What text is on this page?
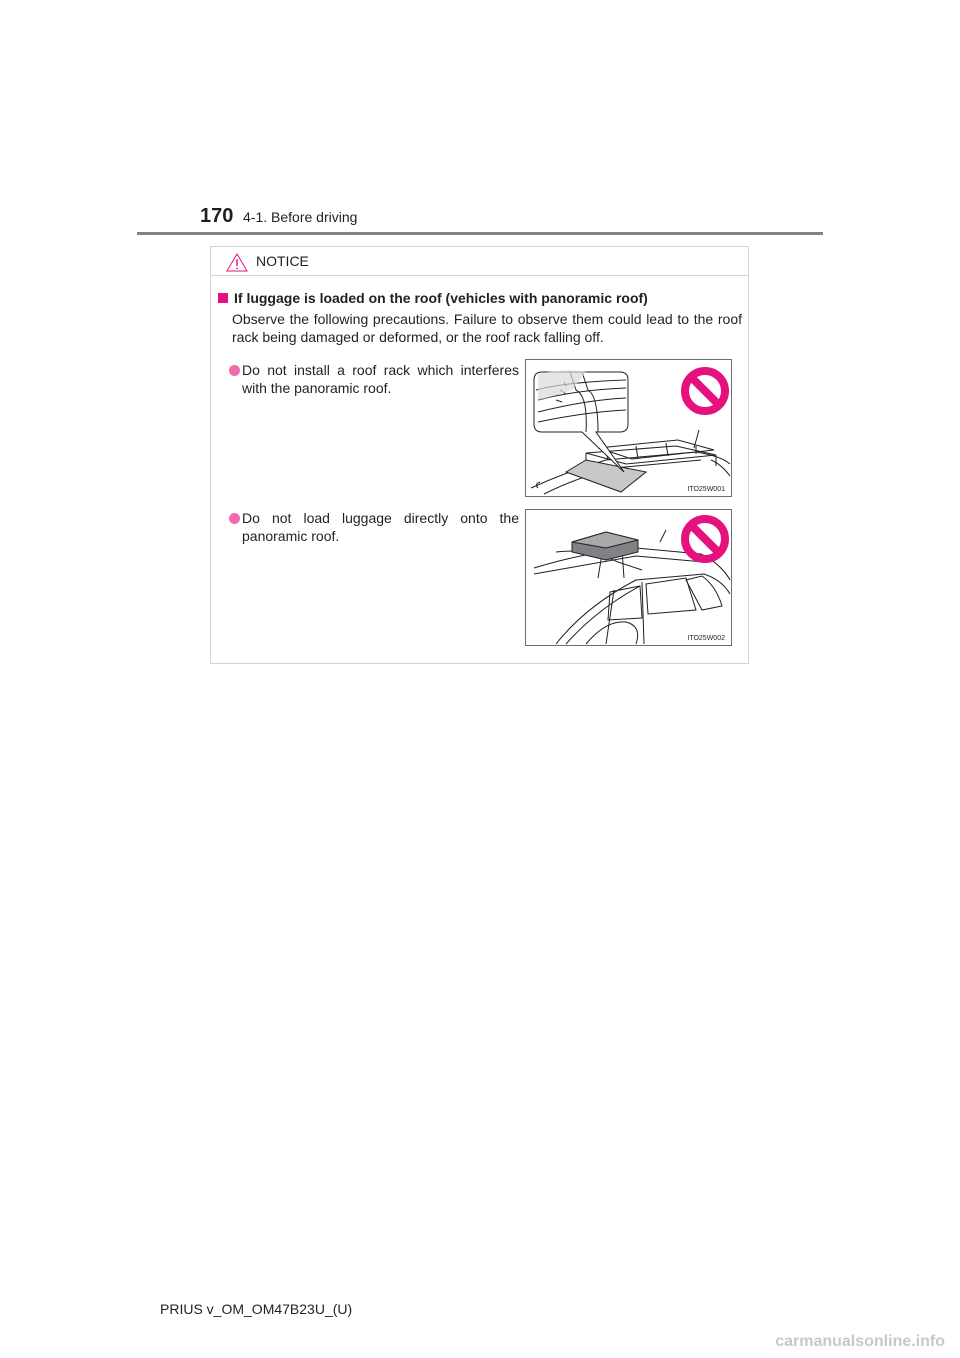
170 4-1. Before driving
NOTICE
If luggage is loaded on the roof (vehicles with panoramic roof)

Observe the following precautions. Failure to observe them could lead to the roof rack being damaged or deformed, or the roof rack falling off.

Do not install a roof rack which interferes with the panoramic roof.

ITO25W001

Do not load luggage directly onto the panoramic roof.

ITO25W002
PRIUS v_OM_OM47B23U_(U)
carmanualsonline.info
